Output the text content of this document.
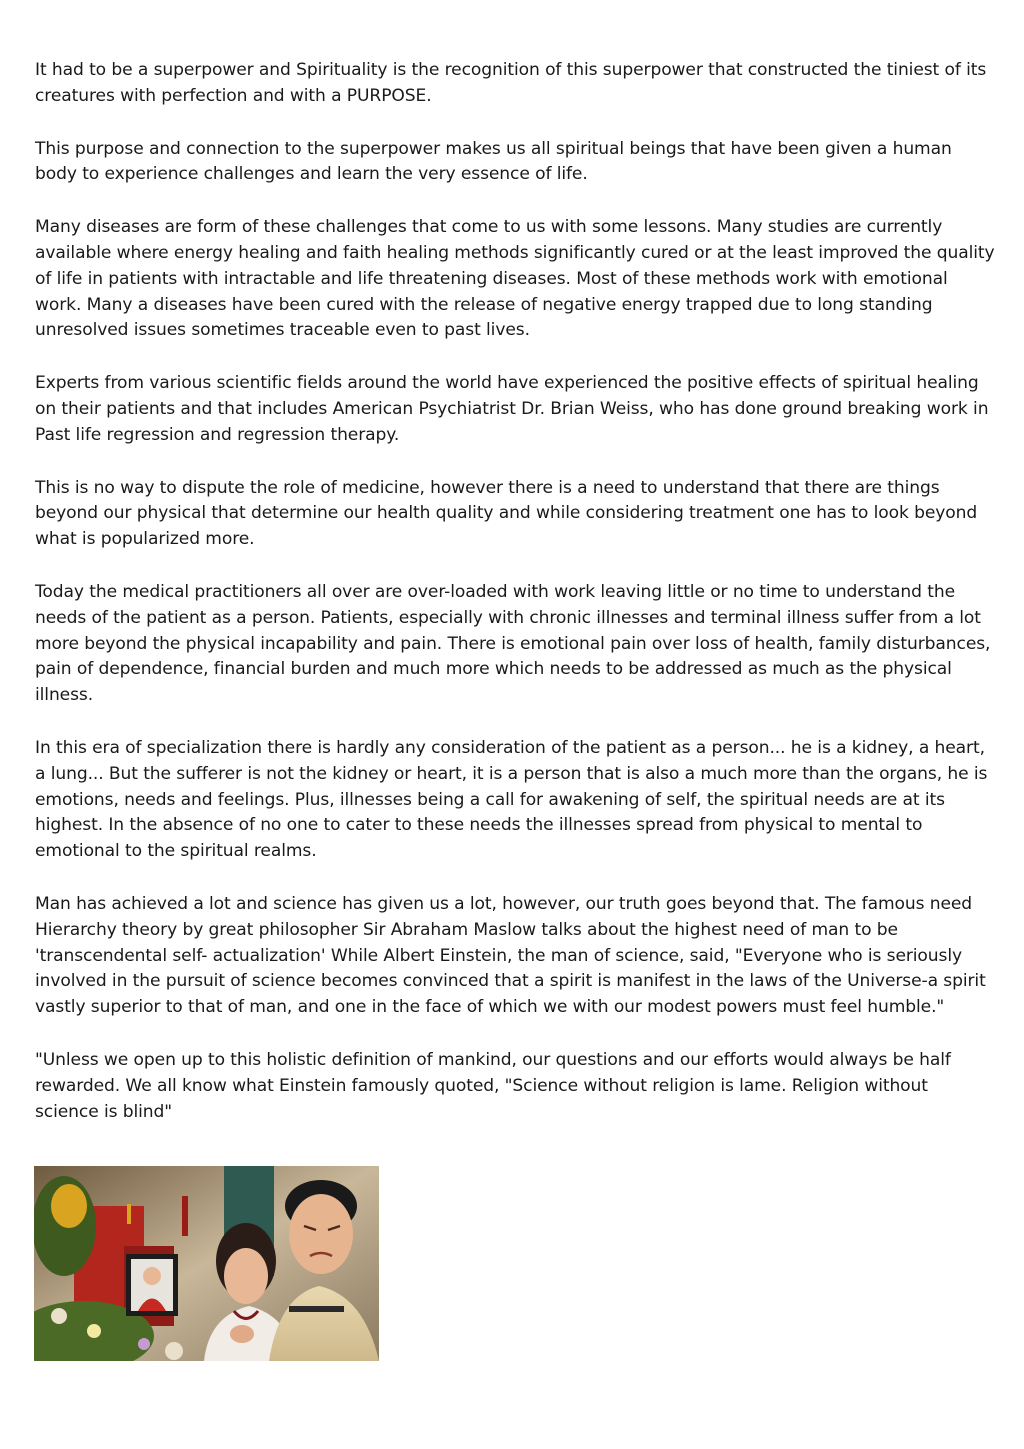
It had to be a superpower and Spirituality is the recognition of this superpower that constructed the tiniest of its creatures with perfection and with a PURPOSE.

This purpose and connection to the superpower makes us all spiritual beings that have been given a human body to experience challenges and learn the very essence of life.

Many diseases are form of these challenges that come to us with some lessons. Many studies are currently available where energy healing and faith healing methods significantly cured or at the least improved the quality of life in patients with intractable and life threatening diseases. Most of these methods work with emotional work. Many a diseases have been cured with the release of negative energy trapped due to long standing unresolved issues sometimes traceable even to past lives.

Experts from various scientific fields around the world have experienced the positive effects of spiritual healing on their patients and that includes American Psychiatrist Dr. Brian Weiss, who has done ground breaking work in Past life regression and regression therapy.

This is no way to dispute the role of medicine, however there is a need to understand that there are things beyond our physical that determine our health quality and while considering treatment one has to look beyond what is popularized more.

Today the medical practitioners all over are over-loaded with work leaving little or no time to understand the needs of the patient as a person. Patients, especially with chronic illnesses and terminal illness suffer from a lot more beyond the physical incapability and pain. There is emotional pain over loss of health, family disturbances, pain of dependence, financial burden and much more which needs to be addressed as much as the physical illness.

In this era of specialization there is hardly any consideration of the patient as a person... he is a kidney, a heart, a lung... But the sufferer is not the kidney or heart, it is a person that is also a much more than the organs, he is emotions, needs and feelings. Plus, illnesses being a call for awakening of self, the spiritual needs are at its highest. In the absence of no one to cater to these needs the illnesses spread from physical to mental to emotional to the spiritual realms.

Man has achieved a lot and science has given us a lot, however, our truth goes beyond that. The famous need Hierarchy theory by great philosopher Sir Abraham Maslow talks about the highest need of man to be 'transcendental self- actualization' While Albert Einstein, the man of science, said, "Everyone who is seriously involved in the pursuit of science becomes convinced that a spirit is manifest in the laws of the Universe-a spirit vastly superior to that of man, and one in the face of which we with our modest powers must feel humble."

"Unless we open up to this holistic definition of mankind, our questions and our efforts would always be half rewarded. We all know what Einstein famously quoted, "Science without religion is lame. Religion without science is blind"
